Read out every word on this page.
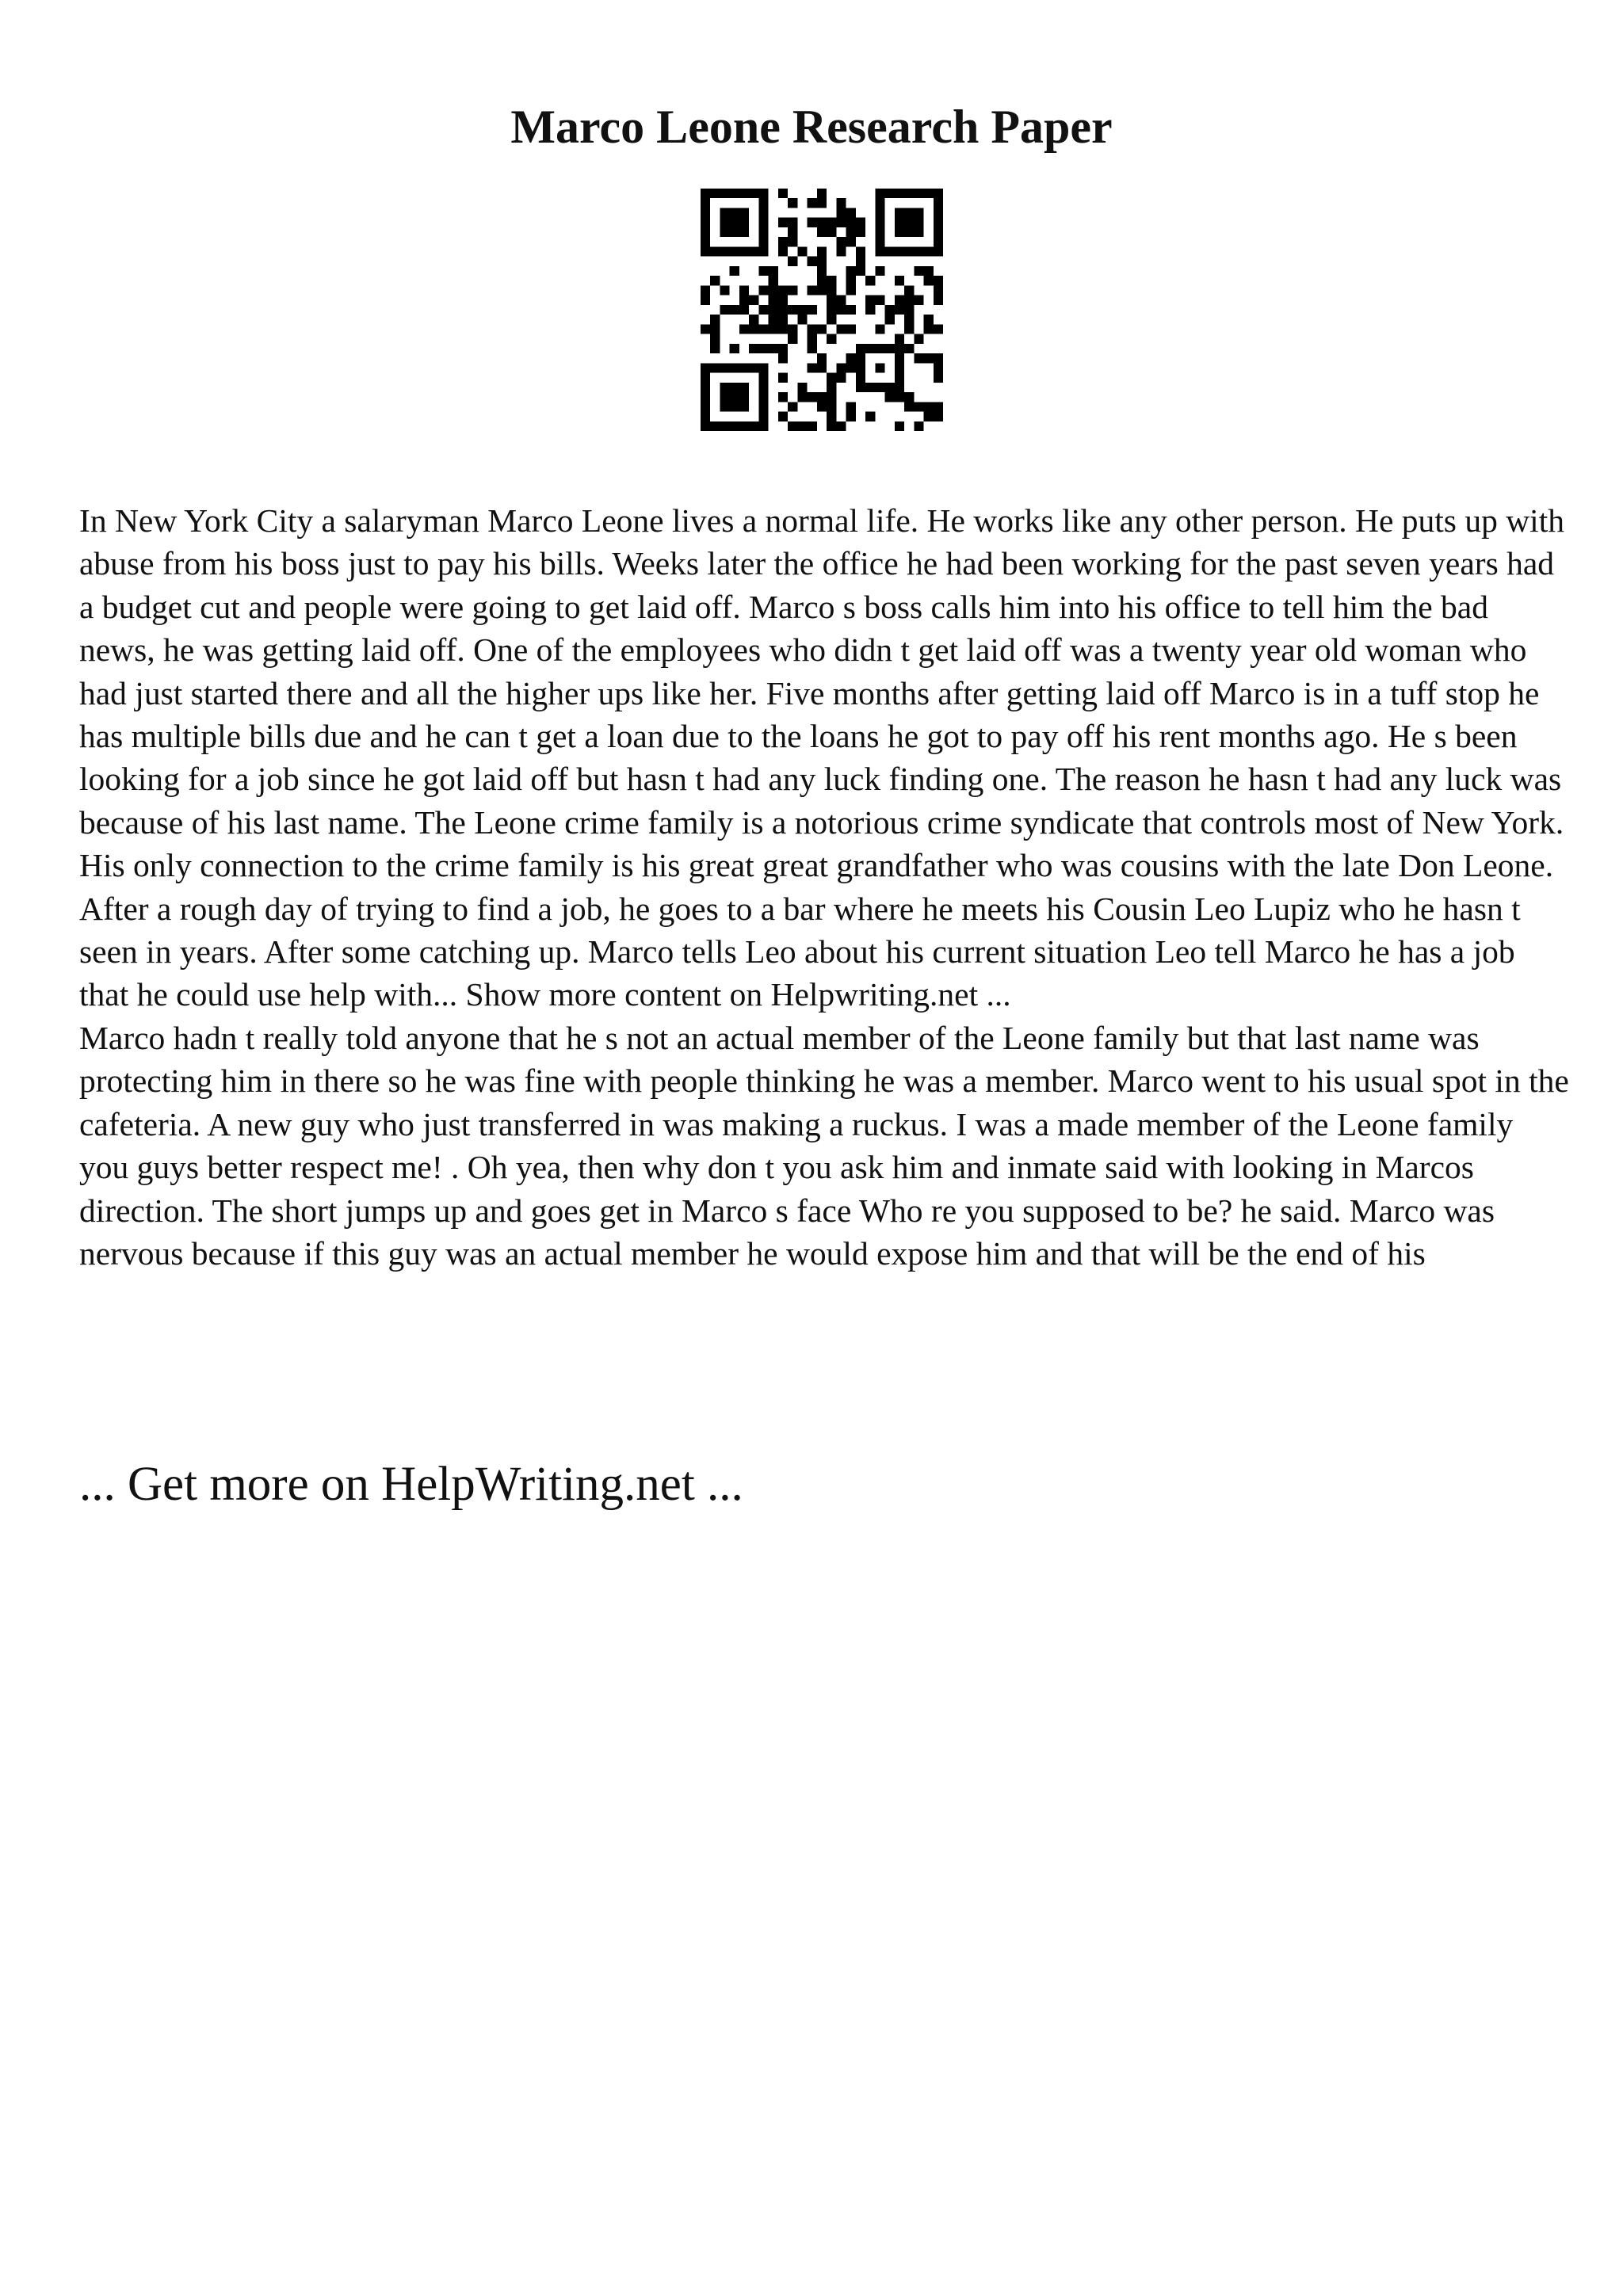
Marco Leone Research Paper

In New York City a salaryman Marco Leone lives a normal life. He works like any other person. He puts up with abuse from his boss just to pay his bills. Weeks later the office he had been working for the past seven years had a budget cut and people were going to get laid off. Marco s boss calls him into his office to tell him the bad news, he was getting laid off. One of the employees who didn t get laid off was a twenty year old woman who had just started there and all the higher ups like her. Five months after getting laid off Marco is in a tuff stop he has multiple bills due and he can t get a loan due to the loans he got to pay off his rent months ago. He s been looking for a job since he got laid off but hasn t had any luck finding one. The reason he hasn t had any luck was because of his last name. The Leone crime family is a notorious crime syndicate that controls most of New York. His only connection to the crime family is his great great grandfather who was cousins with the late Don Leone. After a rough day of trying to find a job, he goes to a bar where he meets his Cousin Leo Lupiz who he hasn t seen in years. After some catching up. Marco tells Leo about his current situation Leo tell Marco he has a job that he could use help with... Show more content on Helpwriting.net ...

Marco hadn t really told anyone that he s not an actual member of the Leone family but that last name was protecting him in there so he was fine with people thinking he was a member. Marco went to his usual spot in the cafeteria. A new guy who just transferred in was making a ruckus. I was a made member of the Leone family you guys better respect me! . Oh yea, then why don t you ask him and inmate said with looking in Marcos direction. The short jumps up and goes get in Marco s face Who re you supposed to be? he said. Marco was nervous because if this guy was an actual member he would expose him and that will be the end of his

... Get more on HelpWriting.net ...
